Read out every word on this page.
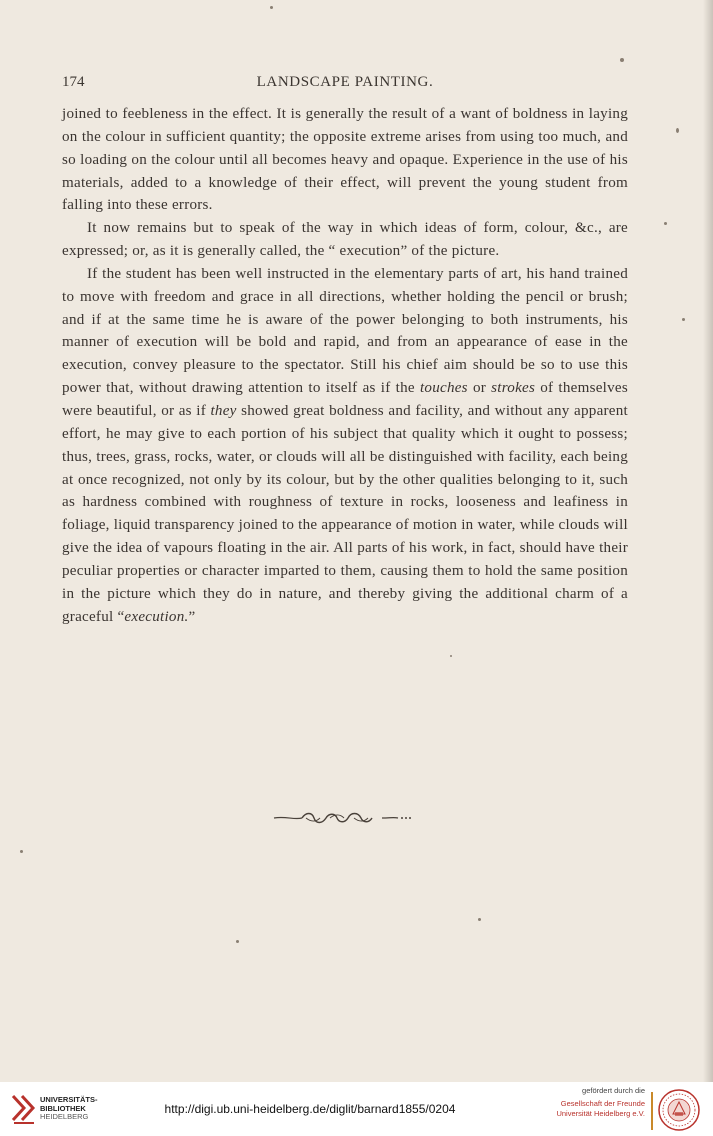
174	LANDSCAPE PAINTING.

joined to feebleness in the effect. It is generally the result of a want of boldness in laying on the colour in sufficient quantity; the opposite extreme arises from using too much, and so loading on the colour until all becomes heavy and opaque. Experience in the use of his materials, added to a knowledge of their effect, will prevent the young student from falling into these errors.

It now remains but to speak of the way in which ideas of form, colour, &c., are expressed; or, as it is generally called, the “ execution” of the picture.

If the student has been well instructed in the elementary parts of art, his hand trained to move with freedom and grace in all directions, whether holding the pencil or brush; and if at the same time he is aware of the power belonging to both instruments, his manner of execution will be bold and rapid, and from an appearance of ease in the execution, convey pleasure to the spectator. Still his chief aim should be so to use this power that, without drawing attention to itself as if the touches or strokes of themselves were beautiful, or as if they showed great boldness and facility, and without any apparent effort, he may give to each portion of his subject that quality which it ought to possess; thus, trees, grass, rocks, water, or clouds will all be distinguished with facility, each being at once recognized, not only by its colour, but by the other qualities belonging to it, such as hardness combined with roughness of texture in rocks, looseness and leafiness in foliage, liquid transparency joined to the appearance of motion in water, while clouds will give the idea of vapours floating in the air. All parts of his work, in fact, should have their peculiar properties or character imparted to them, causing them to hold the same position in the picture which they do in nature, and thereby giving the additional charm of a graceful “execution.”

UNIVERSITÄTS-
BIBLIOTHEK
HEIDELBERG
http://digi.ub.uni-heidelberg.de/diglit/barnard1855/0204
gefördert durch die
Gesellschaft der Freunde
Universität Heidelberg e.V.
